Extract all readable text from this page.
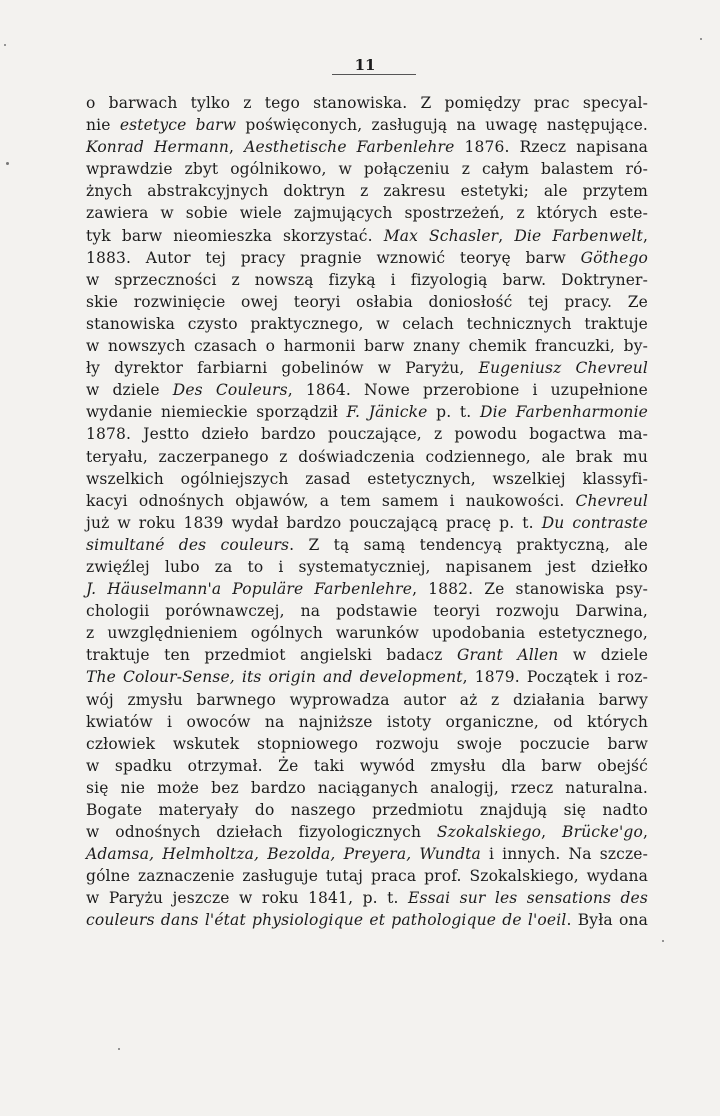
11
o barwach tylko z tego stanowiska. Z pomiędzy prac specyal-
nie estetyce barw poświęconych, zasługują na uwagę następujące.
Konrad Hermann, Aesthetische Farbenlehre 1876. Rzecz napisana
wprawdzie zbyt ogólnikowo, w połączeniu z całym balastem ró-
żnych abstrakcyjnych doktryn z zakresu estetyki; ale przytem
zawiera w sobie wiele zajmujących spostrzeżeń, z których este-
tyk barw nieomieszka skorzystać. Max Schasler, Die Farbenwelt,
1883. Autor tej pracy pragnie wznowić teoryę barw Göthego
w sprzeczności z nowszą fizyką i fizyologią barw. Doktryner-
skie rozwinięcie owej teoryi osłabia doniosłość tej pracy. Ze
stanowiska czysto praktycznego, w celach technicznych traktuje
w nowszych czasach o harmonii barw znany chemik francuzki, by-
ły dyrektor farbiarni gobelinów w Paryżu, Eugeniusz Chevreul
w dziele Des Couleurs, 1864. Nowe przerobione i uzupełnione
wydanie niemieckie sporządził F. Jänicke p. t. Die Farbenharmonie
1878. Jestto dzieło bardzo pouczające, z powodu bogactwa ma-
teryału, zaczerpanego z doświadczenia codziennego, ale brak mu
wszelkich ogólniejszych zasad estetycznych, wszelkiej klassyfi-
kacyi odnośnych objawów, a tem samem i naukowości. Chevreul
już w roku 1839 wydał bardzo pouczającą pracę p. t. Du contraste
simultané des couleurs. Z tą samą tendencyą praktyczną, ale
zwięźlej lubo za to i systematyczniej, napisanem jest dziełko
J. Häuselmann'a Populäre Farbenlehre, 1882. Ze stanowiska psy-
chologii porównawczej, na podstawie teoryi rozwoju Darwina,
z uwzględnieniem ogólnych warunków upodobania estetycznego,
traktuje ten przedmiot angielski badacz Grant Allen w dziele
The Colour-Sense, its origin and development, 1879. Początek i roz-
wój zmysłu barwnego wyprowadza autor aż z działania barwy
kwiatów i owoców na najniższe istoty organiczne, od których
człowiek wskutek stopniowego rozwoju swoje poczucie barw
w spadku otrzymał. Że taki wywód zmysłu dla barw obejść
się nie może bez bardzo naciąganych analogij, rzecz naturalna.
Bogate materyały do naszego przedmiotu znajdują się nadto
w odnośnych dziełach fizyologicznych Szokalskiego, Brücke'go,
Adamsa, Helmholtza, Bezolda, Preyera, Wundta i innych. Na szcze-
gólne zaznaczenie zasługuje tutaj praca prof. Szokalskiego, wydana
w Paryżu jeszcze w roku 1841, p. t. Essai sur les sensations des
couleurs dans l'état physiologique et pathologique de l'oeil. Była ona
